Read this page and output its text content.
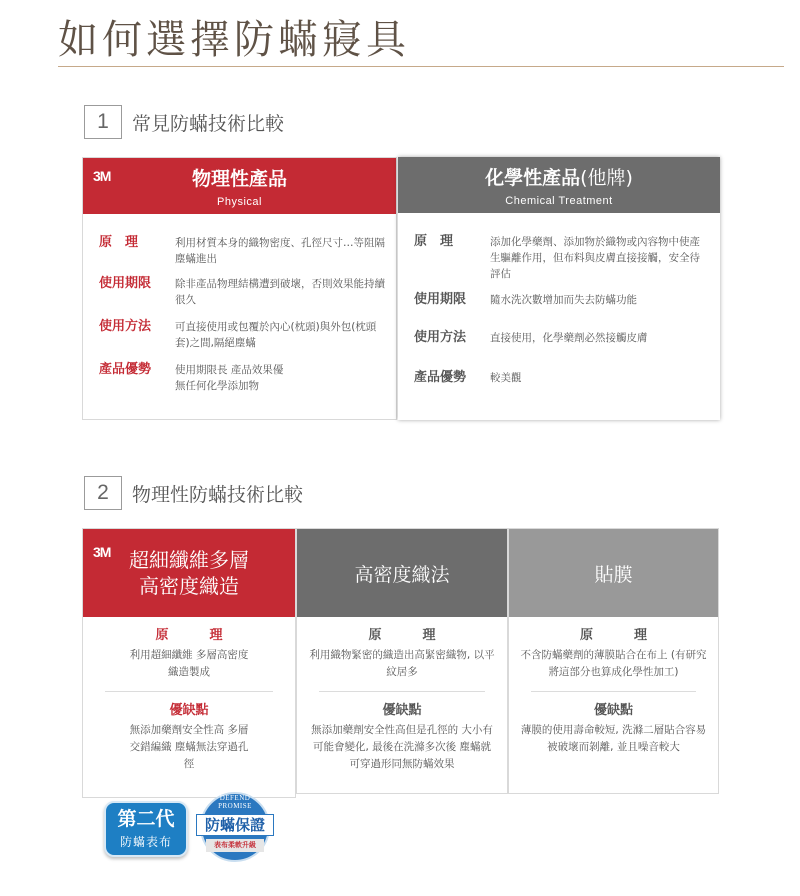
如何選擇防蟎寢具
1	常見防蟎技術比較
3M	物理性產品
Physical
原　理	利用材質本身的織物密度、孔徑尺寸…等阻隔塵蟎進出
使用期限	除非產品物理結構遭到破壞，否則效果能持續很久
使用方法	可直接使用或包覆於內心(枕頭)與外包(枕頭套)之間,隔絕塵蟎
產品優勢	使用期限長 產品效果優 無任何化學添加物
化學性產品(他牌)
Chemical Treatment
原　理	添加化學藥劑、添加物於織物或內容物中使產生驅離作用，但布料與皮膚直接接觸，安全待評估
使用期限	隨水洗次數增加而失去防蟎功能
使用方法	直接使用，化學藥劑必然接觸皮膚
產品優勢	較美觀
2	物理性防蟎技術比較
3M 超細纖維多層
高密度織造
原　理
利用超細纖維 多層高密度織造製成
優缺點
無添加藥劑安全性高 多層交錯編織 塵蟎無法穿過孔徑
高密度織法
原　理
利用織物緊密的織造出高緊密織物, 以平紋居多
優缺點
無添加藥劑安全性高但是孔徑的 大小有可能會變化, 最後在洗滌多次後 塵蟎就可穿過形同無防蟎效果
貼膜
原　理
不含防蟎藥劑的薄膜貼合在布上 (有研究將這部分也算成化學性加工)
優缺點
薄膜的使用壽命較短, 洗滌二層貼合容易被破壞而剝離, 並且噪音較大
第二代
防蟎表布
DEFEND PROMISE
防蟎保證
表布柔軟升級
